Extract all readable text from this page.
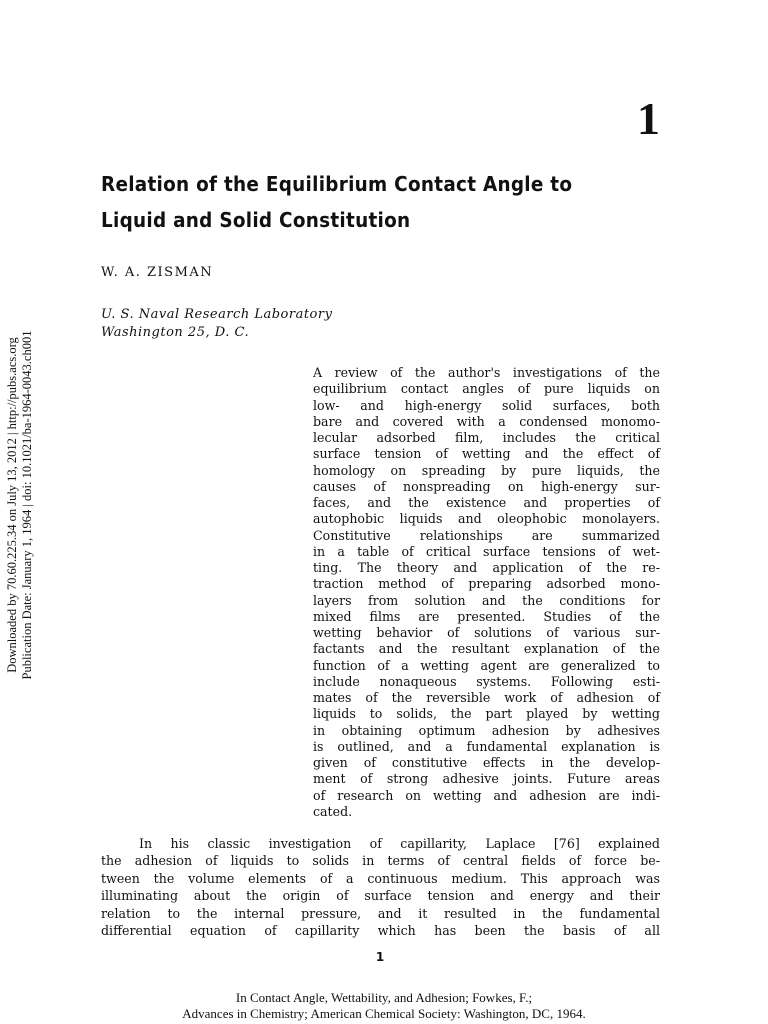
1
Relation of the Equilibrium Contact Angle to
Liquid and Solid Constitution
W. A. ZISMAN
U. S. Naval Research Laboratory
Washington 25, D. C.
A review of the author's investigations of the
equilibrium contact angles of pure liquids on
low- and high-energy solid surfaces, both
bare and covered with a condensed monomo-
lecular adsorbed film, includes the critical
surface tension of wetting and the effect of
homology on spreading by pure liquids, the
causes of nonspreading on high-energy sur-
faces, and the existence and properties of
autophobic liquids and oleophobic monolayers.
Constitutive relationships are summarized
in a table of critical surface tensions of wet-
ting. The theory and application of the re-
traction method of preparing adsorbed mono-
layers from solution and the conditions for
mixed films are presented. Studies of the
wetting behavior of solutions of various sur-
factants and the resultant explanation of the
function of a wetting agent are generalized to
include nonaqueous systems. Following esti-
mates of the reversible work of adhesion of
liquids to solids, the part played by wetting
in obtaining optimum adhesion by adhesives
is outlined, and a fundamental explanation is
given of constitutive effects in the develop-
ment of strong adhesive joints. Future areas
of research on wetting and adhesion are indi-
cated.
In his classic investigation of capillarity, Laplace [76] explained
the adhesion of liquids to solids in terms of central fields of force be-
tween the volume elements of a continuous medium. This approach was
illuminating about the origin of surface tension and energy and their
relation to the internal pressure, and it resulted in the fundamental
differential equation of capillarity which has been the basis of all
1
In Contact Angle, Wettability, and Adhesion; Fowkes, F.;
Advances in Chemistry; American Chemical Society: Washington, DC, 1964.
Downloaded by 70.60.225.34 on July 13, 2012 | http://pubs.acs.org Publication Date: January 1, 1964 | doi: 10.1021/ba-1964-0043.ch001
